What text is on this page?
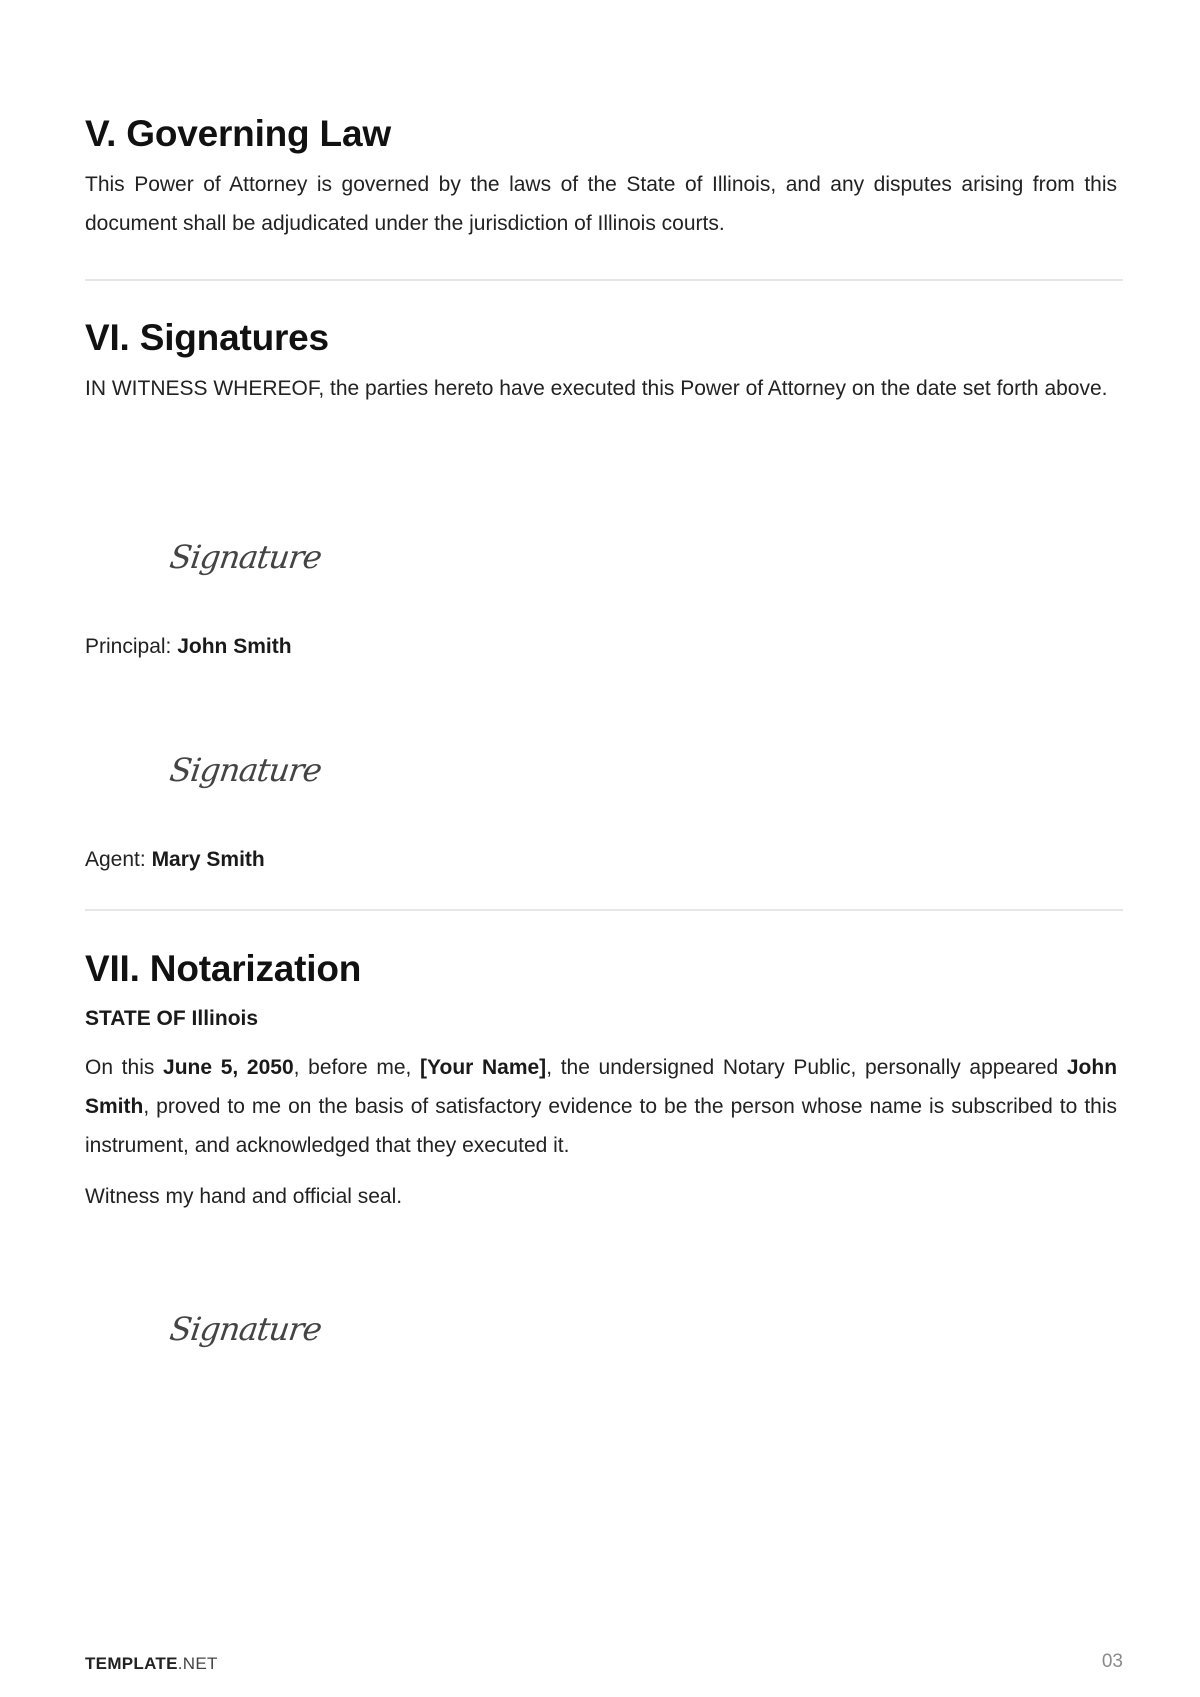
V. Governing Law

This Power of Attorney is governed by the laws of the State of Illinois, and any disputes arising from this document shall be adjudicated under the jurisdiction of Illinois courts.

VI. Signatures

IN WITNESS WHEREOF, the parties hereto have executed this Power of Attorney on the date set forth above.

Signature
Principal: John Smith
Signature
Agent: Mary Smith
VII. Notarization

STATE OF Illinois

On this June 5, 2050, before me, [Your Name], the undersigned Notary Public, personally appeared John Smith, proved to me on the basis of satisfactory evidence to be the person whose name is subscribed to this instrument, and acknowledged that they executed it.

Witness my hand and official seal.

Signature
TEMPLATE.NET	03
